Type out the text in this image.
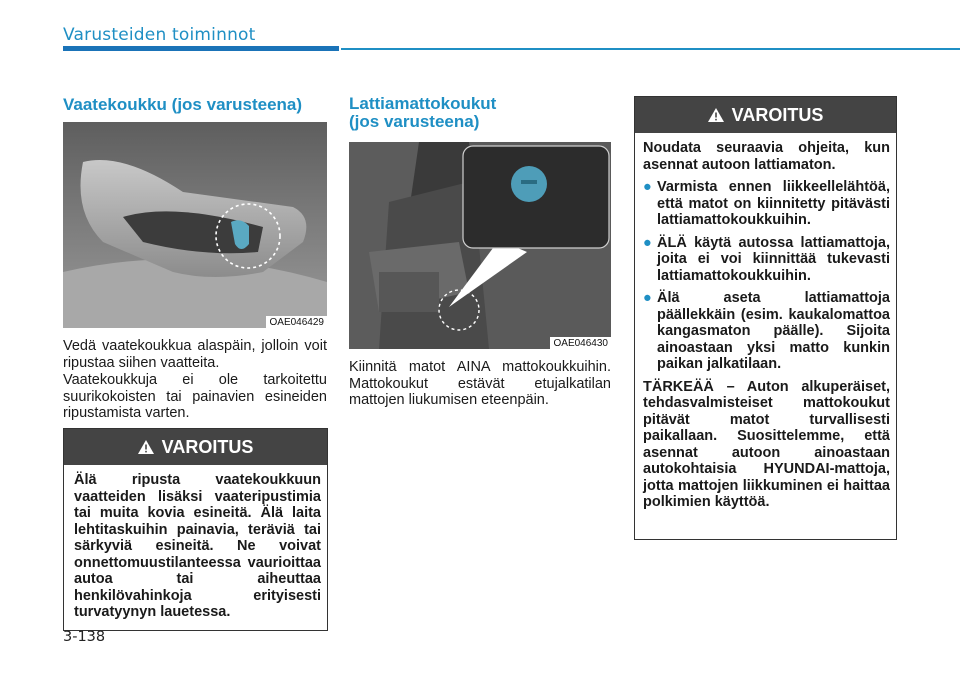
Varusteiden toiminnot
Vaatekoukku (jos varusteena)
OAE046429

Vedä vaatekoukkua alaspäin, jolloin voit ripustaa siihen vaatteita.

Vaatekoukkuja ei ole tarkoitettu suurikokoisten tai painavien esineiden ripustamista varten.

VAROITUS

Älä ripusta vaatekoukkuun vaatteiden lisäksi vaateripustimia tai muita kovia esineitä. Älä laita lehtitaskuihin painavia, teräviä tai särkyviä esineitä. Ne voivat onnettomuustilanteessa vaurioittaa autoa tai aiheuttaa henkilövahinkoja erityisesti turvatyynyn lauetessa.

Lattiamattokoukut
(jos varusteena)
OAE046430

Kiinnitä matot AINA mattokoukkuihin. Mattokoukut estävät etujalkatilan mattojen liukumisen eteenpäin.

VAROITUS

Noudata seuraavia ohjeita, kun asennat autoon lattiamaton.

● Varmista ennen liikkeellelähtöä, että matot on kiinnitetty pitävästi lattiamattokoukkuihin.
● ÄLÄ käytä autossa lattiamattoja, joita ei voi kiinnittää tukevasti lattiamattokoukkuihin.
● Älä aseta lattiamattoja päällekkäin (esim. kaukalomattoa kangasmaton päälle). Sijoita ainoastaan yksi matto kunkin paikan jalkatilaan.

TÄRKEÄÄ – Auton alkuperäiset, tehdasvalmisteiset mattokoukut pitävät matot turvallisesti paikallaan. Suosittelemme, että asennat autoon ainoastaan autokohtaisia HYUNDAI-mattoja, jotta mattojen liikkuminen ei haittaa polkimien käyttöä.

3-138
